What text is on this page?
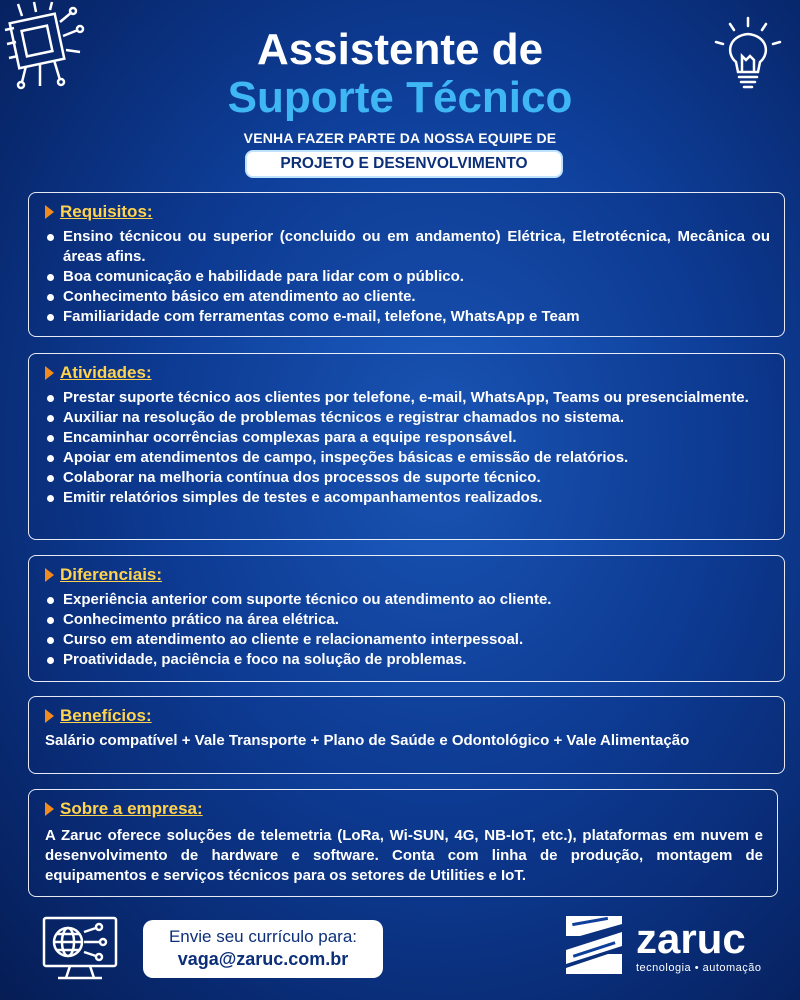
Assistente de
Suporte Técnico
VENHA FAZER PARTE DA NOSSA EQUIPE DE
PROJETO E DESENVOLVIMENTO
Requisitos:
Ensino técnicou ou superior (concluido ou em andamento) Elétrica, Eletrotécnica, Mecânica ou áreas afins.
Boa comunicação e habilidade para lidar com o público.
Conhecimento básico em atendimento ao cliente.
Familiaridade com ferramentas como e-mail, telefone, WhatsApp e Team
Atividades:
Prestar suporte técnico aos clientes por telefone, e-mail, WhatsApp, Teams ou presencialmente.
Auxiliar na resolução de problemas técnicos e registrar chamados no sistema.
Encaminhar ocorrências complexas para a equipe responsável.
Apoiar em atendimentos de campo, inspeções básicas e emissão de relatórios.
Colaborar na melhoria contínua dos processos de suporte técnico.
Emitir relatórios simples de testes e acompanhamentos realizados.
Diferenciais:
Experiência anterior com suporte técnico ou atendimento ao cliente.
Conhecimento prático na área elétrica.
Curso em atendimento ao cliente e relacionamento interpessoal.
Proatividade, paciência e foco na solução de problemas.
Benefícios:

Salário compatível + Vale Transporte + Plano de Saúde e Odontológico + Vale Alimentação

Sobre a empresa:

A Zaruc oferece soluções de telemetria (LoRa, Wi-SUN, 4G, NB-IoT, etc.), plataformas em nuvem e desenvolvimento de hardware e software. Conta com linha de produção, montagem de equipamentos e serviços técnicos para os setores de Utilities e IoT.

Envie seu currículo para:
vaga@zaruc.com.br	zaruc
tecnologia • automação
